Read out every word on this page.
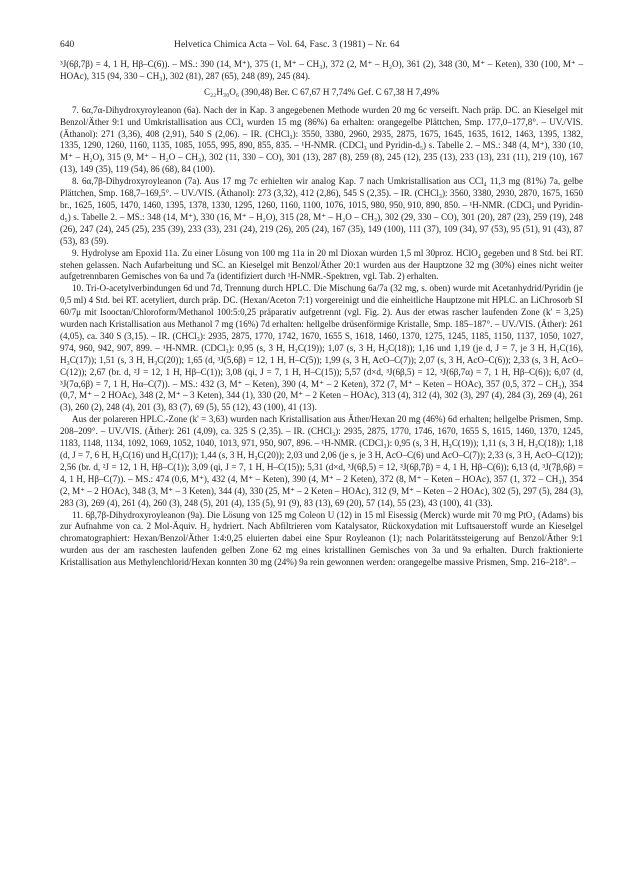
640	Helvetica Chimica Acta – Vol. 64, Fasc. 3 (1981) – Nr. 64

³J(6β,7β) = 4, 1 H, Hβ–C(6)). – MS.: 390 (14, M⁺), 375 (1, M⁺ – CH₃), 372 (2, M⁺ – H₂O), 361 (2), 348 (30, M⁺ – Keten), 330 (100, M⁺ – HOAc), 315 (94, 330 – CH₃), 302 (81), 287 (65), 248 (89), 245 (84).

C₂₂H₃₀O₆ (390,48) Ber. C 67,67 H 7,74% Gef. C 67,38 H 7,49%

7. 6α,7α-Dihydroxyroyleanon (6a). Nach der in Kap. 3 angegebenen Methode wurden 20 mg 6c verseift. Nach präp. DC. an Kieselgel mit Benzol/Äther 9:1 und Umkristallisation aus CCl₄ wurden 15 mg (86%) 6a erhalten: orangegelbe Plättchen, Smp. 177,0–177,8°. – UV./VIS. (Äthanol): 271 (3,36), 408 (2,91), 540 S (2,06). – IR. (CHCl₃): 3550, 3380, 2960, 2935, 2875, 1675, 1645, 1635, 1612, 1463, 1395, 1382, 1335, 1290, 1260, 1160, 1135, 1085, 1055, 995, 890, 855, 835. – ¹H-NMR. (CDCl₃ und Pyridin-d₅) s. Tabelle 2. – MS.: 348 (4, M⁺), 330 (10, M⁺ – H₂O), 315 (9, M⁺ – H₂O – CH₃), 302 (11, 330 – CO), 301 (13), 287 (8), 259 (8), 245 (12), 235 (13), 233 (13), 231 (11), 219 (10), 167 (13), 149 (35), 119 (54), 86 (68), 84 (100).

8. 6α,7β-Dihydroxyroyleanon (7a). Aus 17 mg 7c erhielten wir analog Kap. 7 nach Umkristallisation aus CCl₄ 11,3 mg (81%) 7a, gelbe Plättchen, Smp. 168,7–169,5°. – UV./VIS. (Äthanol): 273 (3,32), 412 (2,86), 545 S (2,35). – IR. (CHCl₃): 3560, 3380, 2930, 2870, 1675, 1650 br., 1625, 1605, 1470, 1460, 1395, 1378, 1330, 1295, 1260, 1160, 1100, 1076, 1015, 980, 950, 910, 890, 850. – ¹H-NMR. (CDCl₃ und Pyridin-d₅) s. Tabelle 2. – MS.: 348 (14, M⁺), 330 (16, M⁺ – H₂O), 315 (28, M⁺ – H₂O – CH₃), 302 (29, 330 – CO), 301 (20), 287 (23), 259 (19), 248 (26), 247 (24), 245 (25), 235 (39), 233 (33), 231 (24), 219 (26), 205 (24), 167 (35), 149 (100), 111 (37), 109 (34), 97 (53), 95 (51), 91 (43), 87 (53), 83 (59).

9. Hydrolyse am Epoxid 11a. Zu einer Lösung von 100 mg 11a in 20 ml Dioxan wurden 1,5 ml 30proz. HClO₄ gegeben und 8 Std. bei RT. stehen gelassen. Nach Aufarbeitung und SC. an Kieselgel mit Benzol/Äther 20:1 wurden aus der Hauptzone 32 mg (30%) eines nicht weiter aufgetrennbaren Gemisches von 6a und 7a (identifiziert durch ¹H-NMR.-Spektren, vgl. Tab. 2) erhalten.

10. Tri-O-acetylverbindungen 6d und 7d, Trennung durch HPLC. Die Mischung 6a/7a (32 mg, s. oben) wurde mit Acetanhydrid/Pyridin (je 0,5 ml) 4 Std. bei RT. acetyliert, durch präp. DC. (Hexan/Aceton 7:1) vorgereinigt und die einheitliche Hauptzone mit HPLC. an LiChrosorb SI 60/7μ mit Isooctan/Chloroform/Methanol 100:5:0,25 präparativ aufgetrennt (vgl. Fig. 2). Aus der etwas rascher laufenden Zone (k' = 3,25) wurden nach Kristallisation aus Methanol 7 mg (16%) 7d erhalten: hellgelbe drüsenförmige Kristalle, Smp. 185–187°. – UV./VIS. (Äther): 261 (4,05), ca. 340 S (3,15). – IR. (CHCl₃): 2935, 2875, 1770, 1742, 1670, 1655 S, 1618, 1460, 1370, 1275, 1245, 1185, 1150, 1137, 1050, 1027, 974, 960, 942, 907, 899. – ¹H-NMR. (CDCl₃): 0,95 (s, 3 H, H₃C(19)); 1,07 (s, 3 H, H₃C(18)); 1,16 und 1,19 (je d, J = 7, je 3 H, H₃C(16), H₃C(17)); 1,51 (s, 3 H, H₃C(20)); 1,65 (d, ³J(5,6β) = 12, 1 H, H–C(5)); 1,99 (s, 3 H, AcO–C(7)); 2,07 (s, 3 H, AcO–C(6)); 2,33 (s, 3 H, AcO–C(12)); 2,67 (br. d, ²J = 12, 1 H, Hβ–C(1)); 3,08 (qi, J = 7, 1 H, H–C(15)); 5,57 (d×d, ³J(6β,5) = 12, ³J(6β,7α) = 7, 1 H, Hβ–C(6)); 6,07 (d, ³J(7α,6β) = 7, 1 H, Hα–C(7)). – MS.: 432 (3, M⁺ – Keten), 390 (4, M⁺ – 2 Keten), 372 (7, M⁺ – Keten – HOAc), 357 (0,5, 372 – CH₃), 354 (0,7, M⁺ – 2 HOAc), 348 (2, M⁺ – 3 Keten), 344 (1), 330 (20, M⁺ – 2 Keten – HOAc), 313 (4), 312 (4), 302 (3), 297 (4), 284 (3), 269 (4), 261 (3), 260 (2), 248 (4), 201 (3), 83 (7), 69 (5), 55 (12), 43 (100), 41 (13).

Aus der polareren HPLC.-Zone (k' = 3,63) wurden nach Kristallisation aus Äther/Hexan 20 mg (46%) 6d erhalten; hellgelbe Prismen, Smp. 208–209°. – UV./VIS. (Äther): 261 (4,09), ca. 325 S (2,35). – IR. (CHCl₃): 2935, 2875, 1770, 1746, 1670, 1655 S, 1615, 1460, 1370, 1245, 1183, 1148, 1134, 1092, 1069, 1052, 1040, 1013, 971, 950, 907, 896. – ¹H-NMR. (CDCl₃): 0,95 (s, 3 H, H₃C(19)); 1,11 (s, 3 H, H₃C(18)); 1,18 (d, J = 7, 6 H, H₃C(16) und H₃C(17)); 1,44 (s, 3 H, H₃C(20)); 2,03 und 2,06 (je s, je 3 H, AcO–C(6) und AcO–C(7)); 2,33 (s, 3 H, AcO–C(12)); 2,56 (br. d, ²J = 12, 1 H, Hβ–C(1)); 3,09 (qi, J = 7, 1 H, H–C(15)); 5,31 (d×d, ³J(6β,5) = 12, ³J(6β,7β) = 4, 1 H, Hβ–C(6)); 6,13 (d, ³J(7β,6β) = 4, 1 H, Hβ–C(7)). – MS.: 474 (0,6, M⁺), 432 (4, M⁺ – Keten), 390 (4, M⁺ – 2 Keten), 372 (8, M⁺ – Keten – HOAc), 357 (1, 372 – CH₃), 354 (2, M⁺ – 2 HOAc), 348 (3, M⁺ – 3 Keten), 344 (4), 330 (25, M⁺ – 2 Keten – HOAc), 312 (9, M⁺ – Keten – 2 HOAc), 302 (5), 297 (5), 284 (3), 283 (3), 269 (4), 261 (4), 260 (3), 248 (5), 201 (4), 135 (5), 91 (9), 83 (13), 69 (20), 57 (14), 55 (23), 43 (100), 41 (33).

11. 6β,7β-Dihydroxyroyleanon (9a). Die Lösung von 125 mg Coleon U (12) in 15 ml Eisessig (Merck) wurde mit 70 mg PtO₂ (Adams) bis zur Aufnahme von ca. 2 Mol-Äquiv. H₂ hydriert. Nach Abfiltrieren vom Katalysator, Rückoxydation mit Luftsauerstoff wurde an Kieselgel chromatographiert: Hexan/Benzol/Äther 1:4:0,25 eluierten dabei eine Spur Royleanon (1); nach Polaritätssteigerung auf Benzol/Äther 9:1 wurden aus der am raschesten laufenden gelben Zone 62 mg eines kristallinen Gemisches von 3a und 9a erhalten. Durch fraktionierte Kristallisation aus Methylenchlorid/Hexan konnten 30 mg (24%) 9a rein gewonnen werden: orangegelbe massive Prismen, Smp. 216–218°. –
